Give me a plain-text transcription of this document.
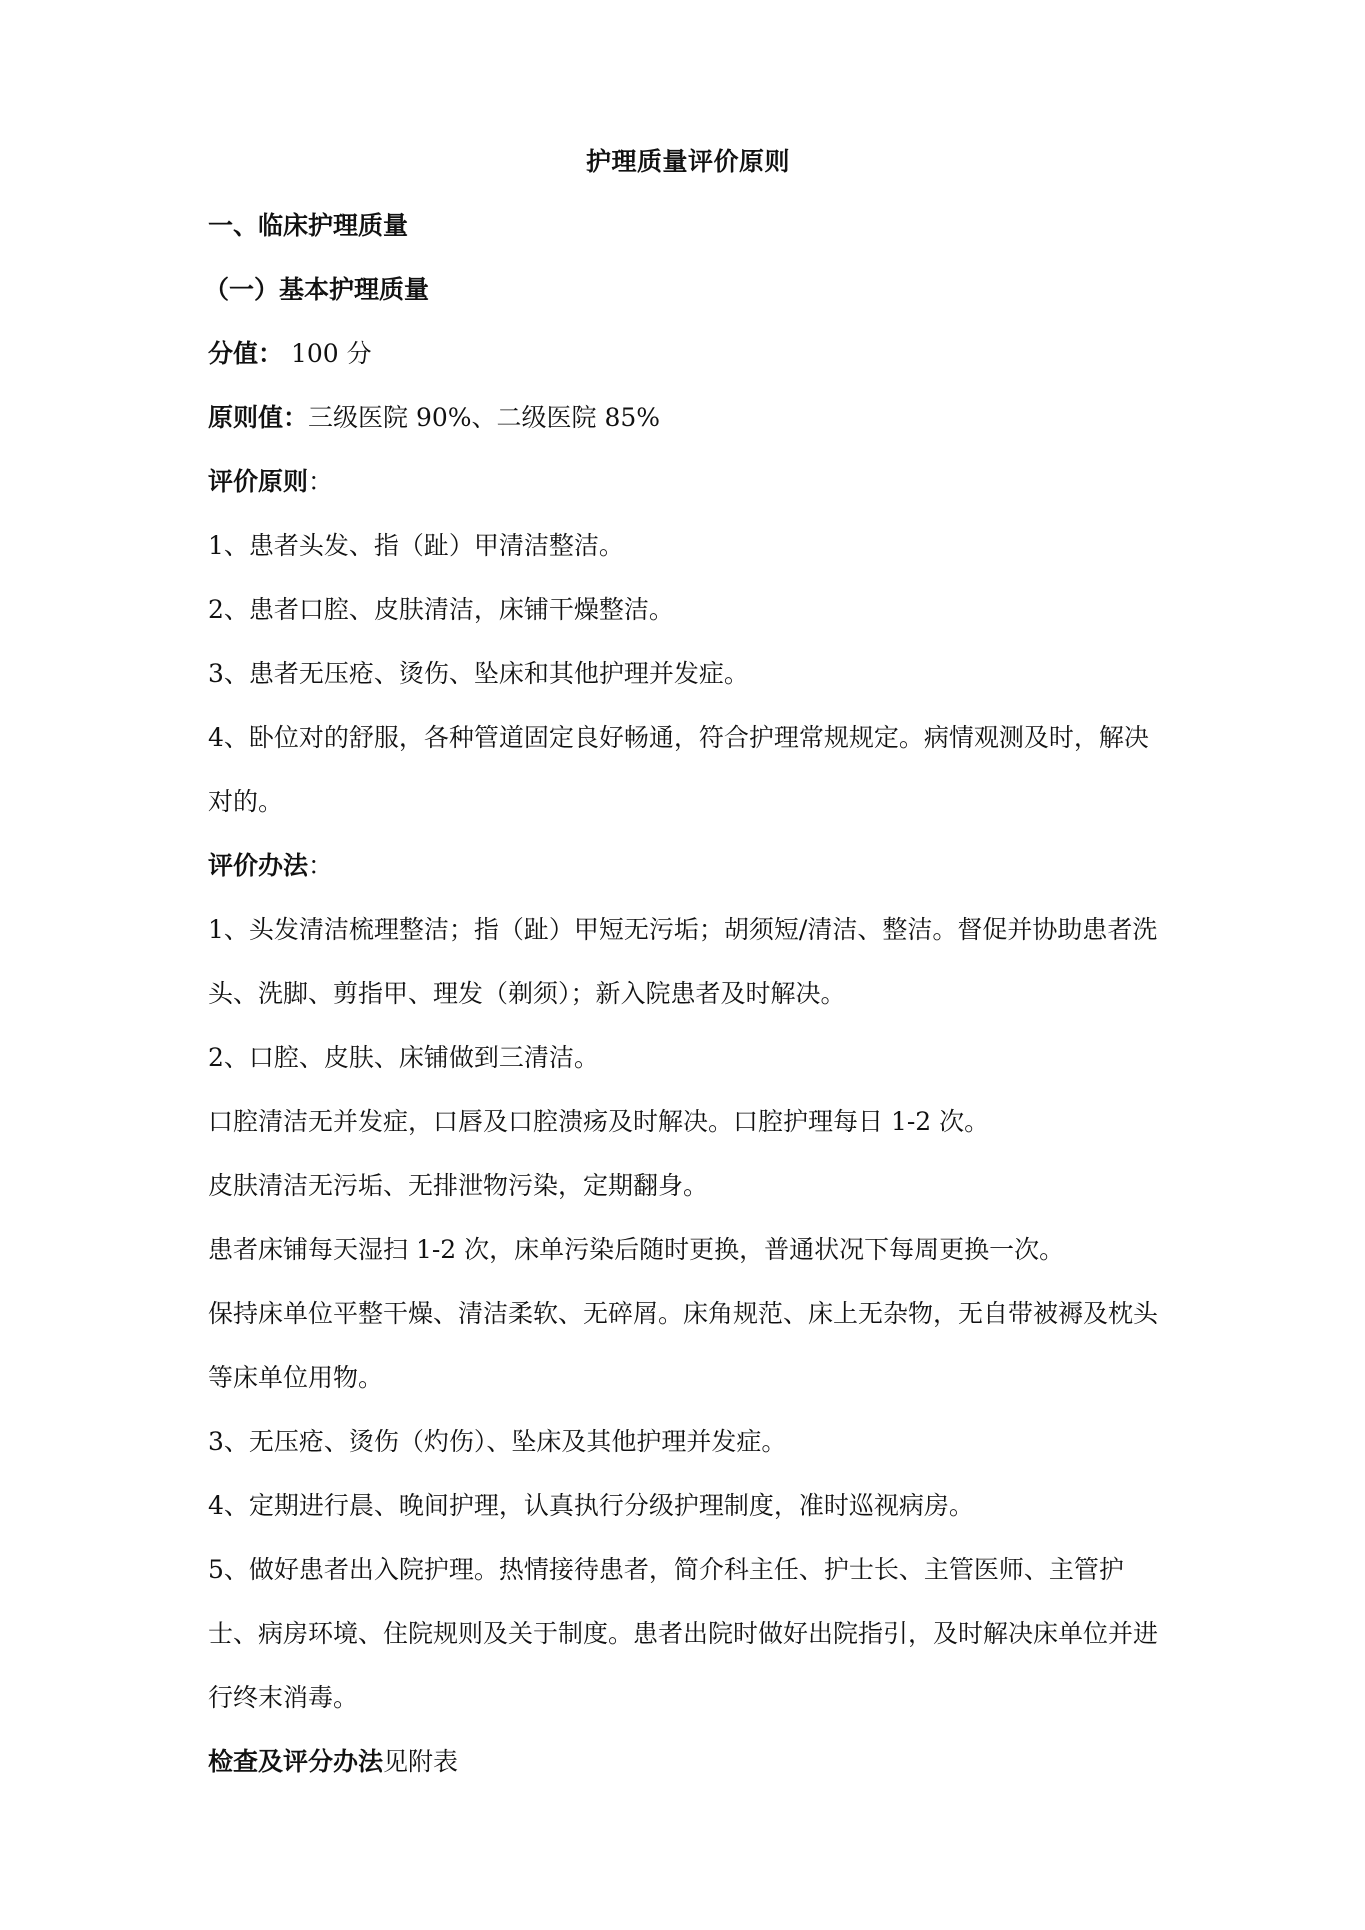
护理质量评价原则
一、临床护理质量
（一）基本护理质量
分值： 100 分
原则值：三级医院 90%、二级医院 85%
评价原则：
1、患者头发、指（趾）甲清洁整洁。
2、患者口腔、皮肤清洁，床铺干燥整洁。
3、患者无压疮、烫伤、坠床和其他护理并发症。
4、卧位对的舒服，各种管道固定良好畅通，符合护理常规规定。病情观测及时，解决对的。
评价办法：
1、头发清洁梳理整洁；指（趾）甲短无污垢；胡须短/清洁、整洁。督促并协助患者洗头、洗脚、剪指甲、理发（剃须）；新入院患者及时解决。
2、口腔、皮肤、床铺做到三清洁。
口腔清洁无并发症，口唇及口腔溃疡及时解决。口腔护理每日 1-2 次。
皮肤清洁无污垢、无排泄物污染，定期翻身。
患者床铺每天湿扫 1-2 次，床单污染后随时更换，普通状况下每周更换一次。
保持床单位平整干燥、清洁柔软、无碎屑。床角规范、床上无杂物，无自带被褥及枕头等床单位用物。
3、无压疮、烫伤（灼伤）、坠床及其他护理并发症。
4、定期进行晨、晚间护理，认真执行分级护理制度，准时巡视病房。
5、做好患者出入院护理。热情接待患者，简介科主任、护士长、主管医师、主管护士、病房环境、住院规则及关于制度。患者出院时做好出院指引，及时解决床单位并进行终末消毒。
检查及评分办法见附表
